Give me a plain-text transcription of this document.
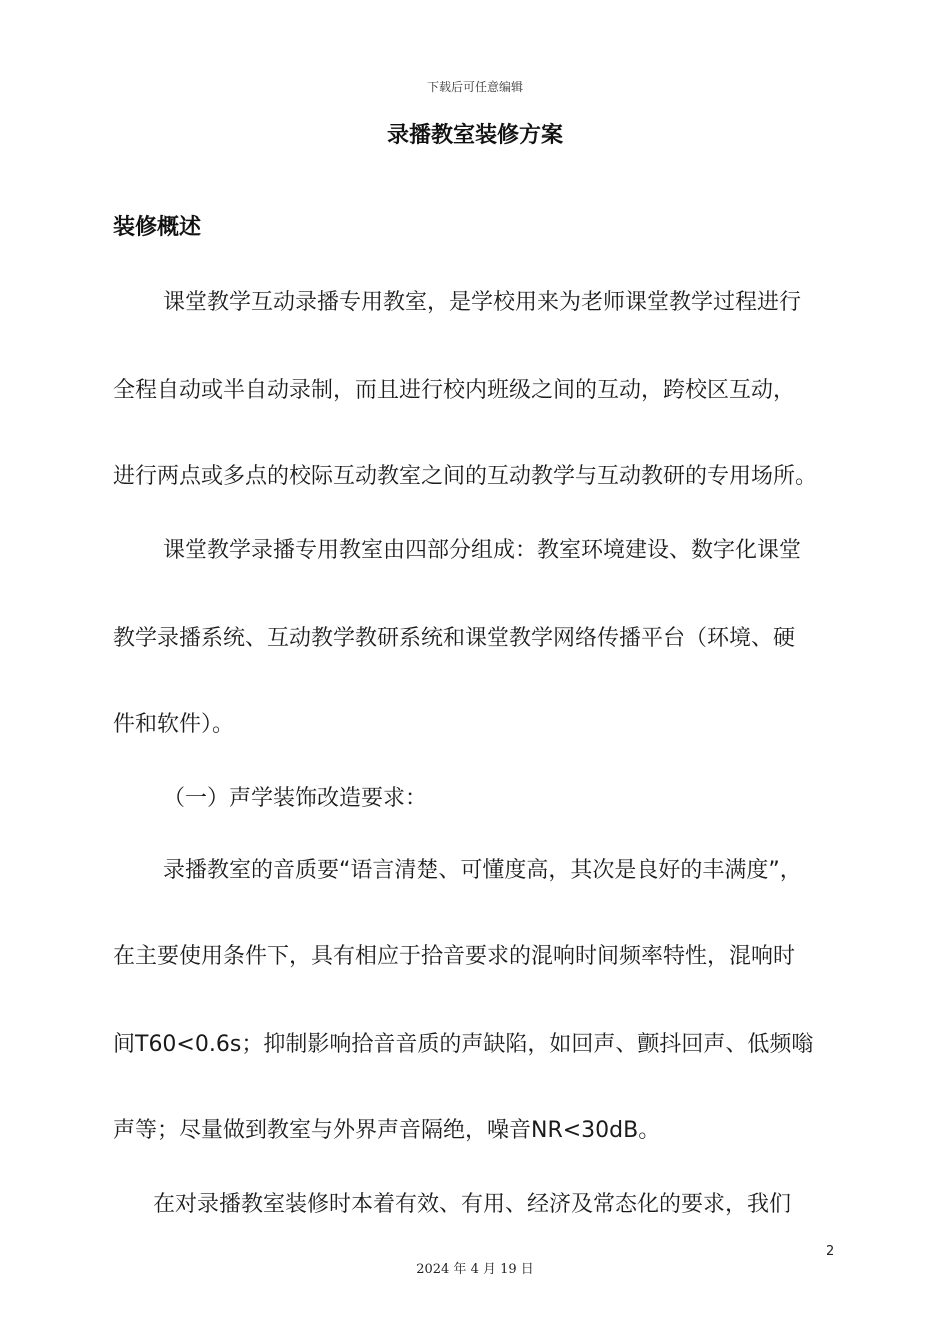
下载后可任意编辑
录播教室装修方案
装修概述
课堂教学互动录播专用教室，是学校用来为老师课堂教学过程进行
全程自动或半自动录制，而且进行校内班级之间的互动，跨校区互动，
进行两点或多点的校际互动教室之间的互动教学与互动教研的专用场所。
课堂教学录播专用教室由四部分组成：教室环境建设、数字化课堂
教学录播系统、互动教学教研系统和课堂教学网络传播平台（环境、硬
件和软件）。
（一）声学装饰改造要求：
录播教室的音质要“语言清楚、可懂度高，其次是良好的丰满度”，
在主要使用条件下，具有相应于拾音要求的混响时间频率特性，混响时
间T60<0.6s；抑制影响拾音音质的声缺陷，如回声、颤抖回声、低频嗡
声等；尽量做到教室与外界声音隔绝，噪音NR<30dB。
在对录播教室装修时本着有效、有用、经济及常态化的要求，我们
2
2024 年 4 月 19 日
